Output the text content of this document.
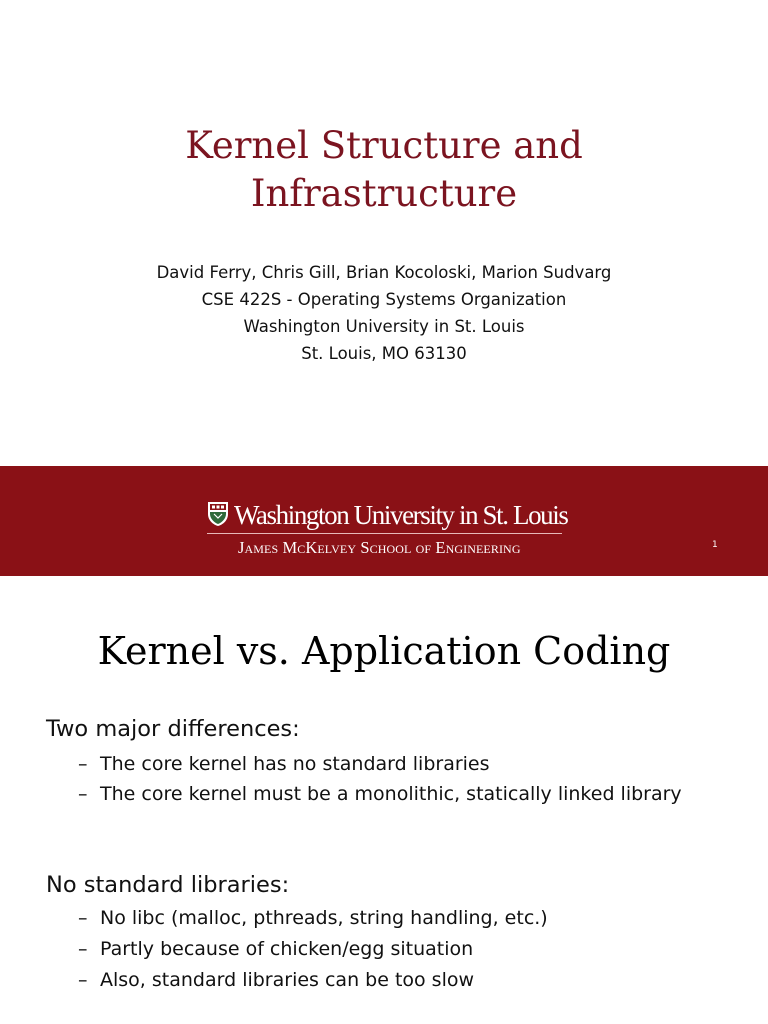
Kernel Structure and
Infrastructure
David Ferry, Chris Gill, Brian Kocoloski, Marion Sudvarg
CSE 422S - Operating Systems Organization
Washington University in St. Louis
St. Louis, MO 63130
Washington University in St. Louis
James McKelvey School of Engineering	1
Kernel vs. Application Coding
Two major differences:
– The core kernel has no standard libraries
– The core kernel must be a monolithic, statically linked library
No standard libraries:
– No libc (malloc, pthreads, string handling, etc.)
– Partly because of chicken/egg situation
– Also, standard libraries can be too slow
